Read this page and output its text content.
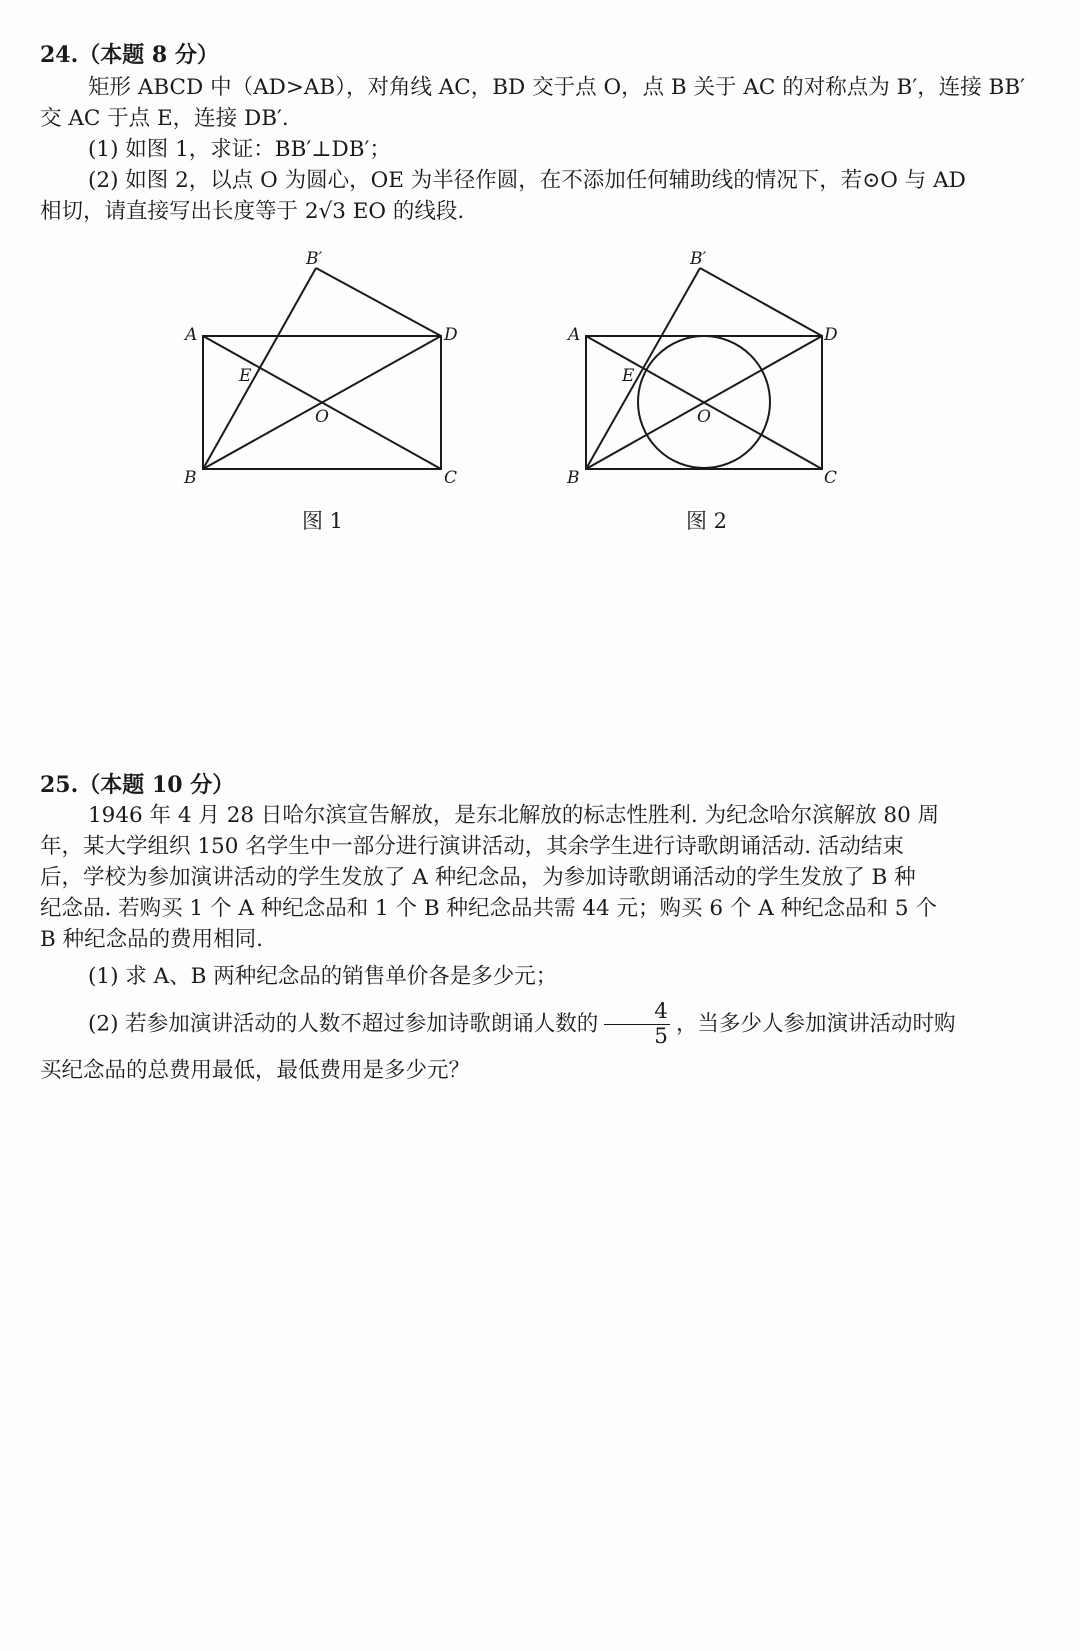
24.（本题 8 分）

矩形 ABCD 中（AD>AB），对角线 AC，BD 交于点 O，点 B 关于 AC 的对称点为 B′，连接 BB′

交 AC 于点 E，连接 DB′.

(1) 如图 1，求证：BB′⊥DB′；

(2) 如图 2，以点 O 为圆心，OE 为半径作圆，在不添加任何辅助线的情况下，若⊙O 与 AD

相切，请直接写出长度等于 2√3 EO 的线段.

B′
A	D
E
O
B	C
图 1
B′
A	D
E
O
B	C
图 2
25.（本题 10 分）

1946 年 4 月 28 日哈尔滨宣告解放，是东北解放的标志性胜利. 为纪念哈尔滨解放 80 周

年，某大学组织 150 名学生中一部分进行演讲活动，其余学生进行诗歌朗诵活动. 活动结束

后，学校为参加演讲活动的学生发放了 A 种纪念品，为参加诗歌朗诵活动的学生发放了 B 种

纪念品. 若购买 1 个 A 种纪念品和 1 个 B 种纪念品共需 44 元；购买 6 个 A 种纪念品和 5 个

B 种纪念品的费用相同.

(1) 求 A、B 两种纪念品的销售单价各是多少元；

(2) 若参加演讲活动的人数不超过参加诗歌朗诵人数的 $\frac{4}{5}$ ，当多少人参加演讲活动时购

买纪念品的总费用最低，最低费用是多少元？
